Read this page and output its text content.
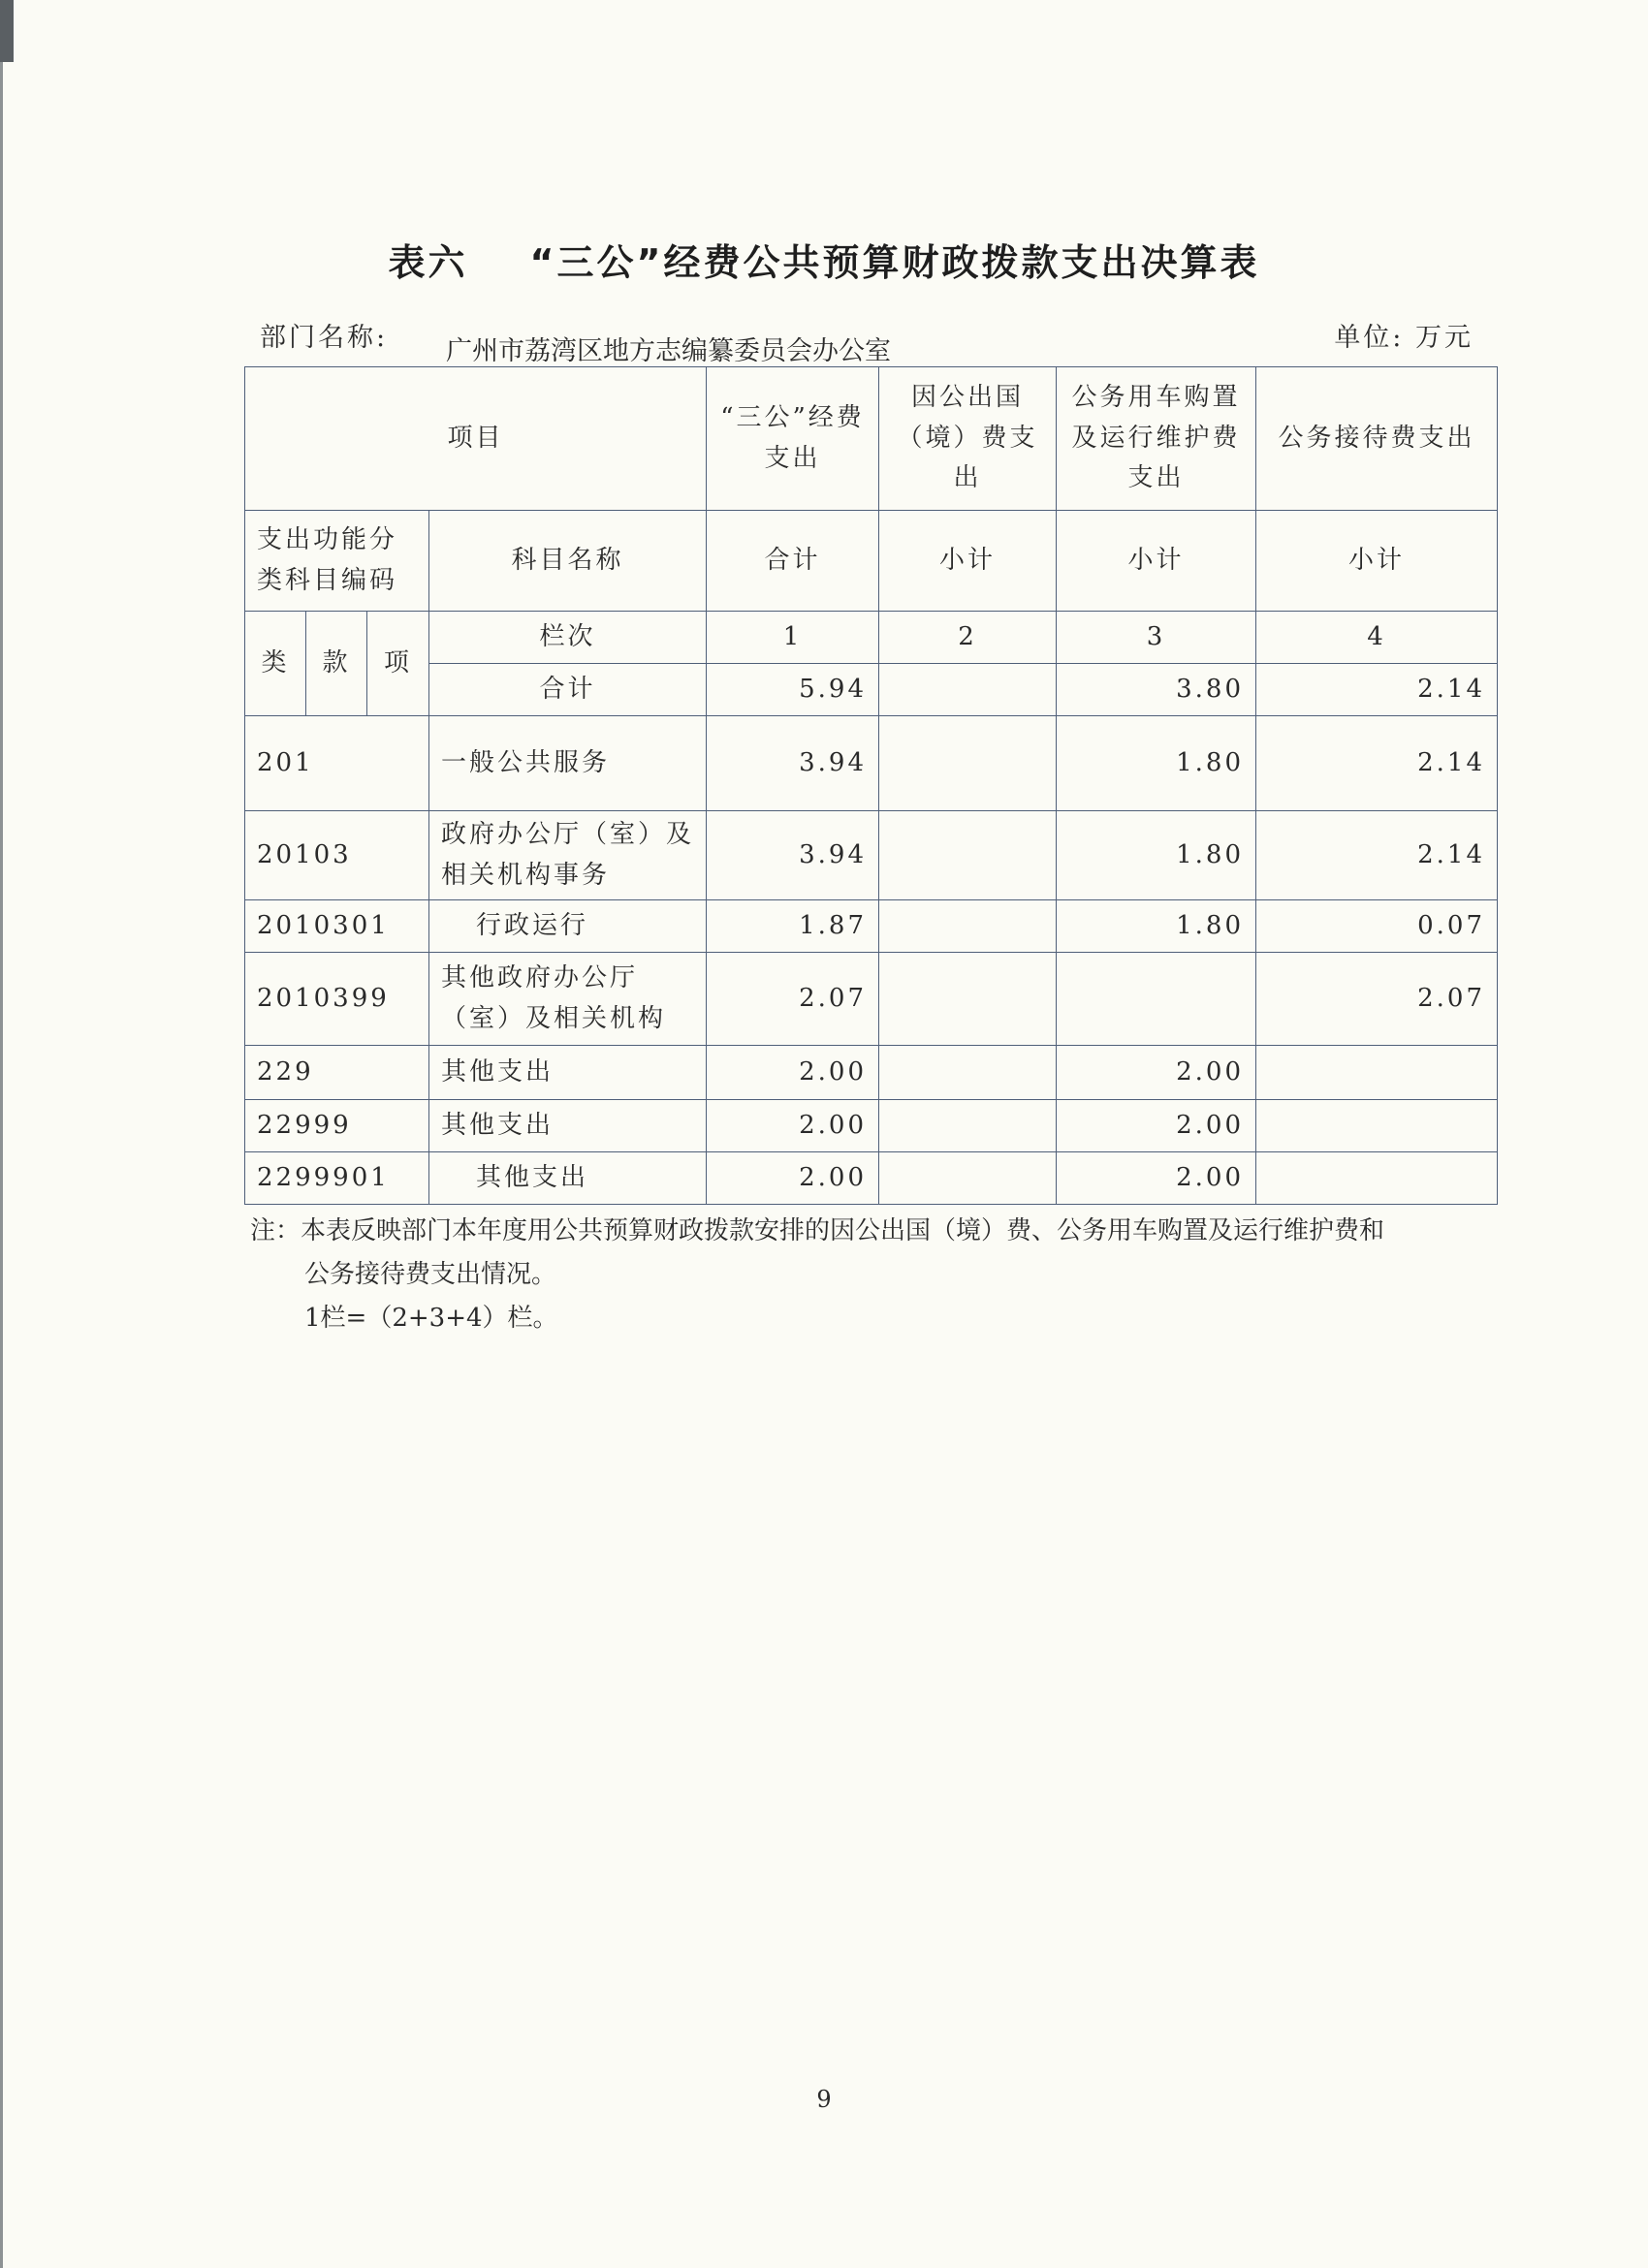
表六 “三公”经费公共预算财政拨款支出决算表
部门名称: 广州市荔湾区地方志编纂委员会办公室	单位: 万元
项目				“三公”经费支出	因公出国（境）费支出	公务用车购置及运行维护费支出	公务接待费支出
支出功能分类科目编码			科目名称	合计	小计	小计	小计
类	款	项	栏次	1	2	3	4
			合计	5.94		3.80	2.14
201			一般公共服务	3.94		1.80	2.14
20103			政府办公厅（室）及相关机构事务	3.94		1.80	2.14
2010301			行政运行	1.87		1.80	0.07
2010399			其他政府办公厅（室）及相关机构	2.07			2.07
229			其他支出	2.00		2.00	
22999			其他支出	2.00		2.00	
2299901			其他支出	2.00		2.00	
注：本表反映部门本年度用公共预算财政拨款安排的因公出国（境）费、公务用车购置及运行维护费和
公务接待费支出情况。
1栏=（2+3+4）栏。
9
